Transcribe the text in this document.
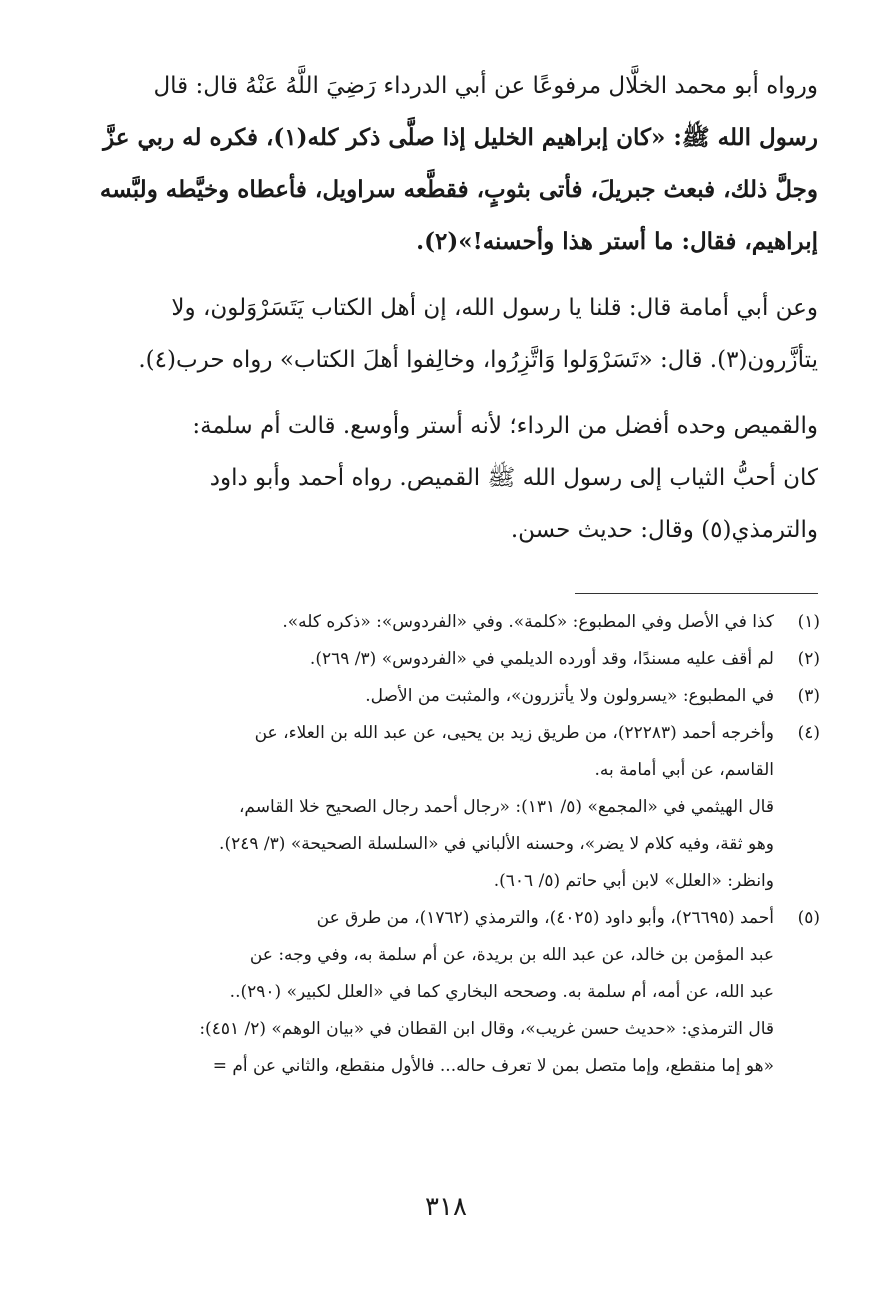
ورواه أبو محمد الخلَّال مرفوعًا عن أبي الدرداء رَضِيَ اللَّهُ عَنْهُ قال: قال

رسول الله ﷺ: «كان إبراهيم الخليل إذا صلَّى ذكر كله(١)، فكره له ربي عزَّ

وجلَّ ذلك، فبعث جبريلَ، فأتى بثوبٍ، فقطَّعه سراويل، فأعطاه وخيَّطه ولبَّسه

إبراهيم، فقال: ما أستر هذا وأحسنه!»(٢).

وعن أبي أمامة قال: قلنا يا رسول الله، إن أهل الكتاب يَتَسَرْوَلون، ولا

يتأزَّرون(٣). قال: «تَسَرْوَلوا وَاتَّزِرُوا، وخالِفوا أهلَ الكتاب» رواه حرب(٤).

والقميص وحده أفضل من الرداء؛ لأنه أستر وأوسع. قالت أم سلمة:

كان أحبُّ الثياب إلى رسول الله ﷺ القميص. رواه أحمد وأبو داود

والترمذي(٥) وقال: حديث حسن.

(١)
كذا في الأصل وفي المطبوع: «كلمة». وفي «الفردوس»: «ذكره كله».
(٢)
لم أقف عليه مسندًا، وقد أورده الديلمي في «الفردوس» (٣/ ٢٦٩).
(٣)
في المطبوع: «يسرولون ولا يأتزرون»، والمثبت من الأصل.
(٤)
وأخرجه أحمد (٢٢٢٨٣)، من طريق زيد بن يحيى، عن عبد الله بن العلاء، عن
القاسم، عن أبي أمامة به.
قال الهيثمي في «المجمع» (٥/ ١٣١): «رجال أحمد رجال الصحيح خلا القاسم،
وهو ثقة، وفيه كلام لا يضر»، وحسنه الألباني في «السلسلة الصحيحة» (٣/ ٢٤٩).
وانظر: «العلل» لابن أبي حاتم (٥/ ٦٠٦).
(٥)
أحمد (٢٦٦٩٥)، وأبو داود (٤٠٢٥)، والترمذي (١٧٦٢)، من طرق عن
عبد المؤمن بن خالد، عن عبد الله بن بريدة، عن أم سلمة به، وفي وجه: عن
عبد الله، عن أمه، أم سلمة به. وصححه البخاري كما في «العلل لكبير» (٢٩٠)..
قال الترمذي: «حديث حسن غريب»، وقال ابن القطان في «بيان الوهم» (٢/ ٤٥١):
«هو إما منقطع، وإما متصل بمن لا تعرف حاله... فالأول منقطع، والثاني عن أم =
٣١٨
